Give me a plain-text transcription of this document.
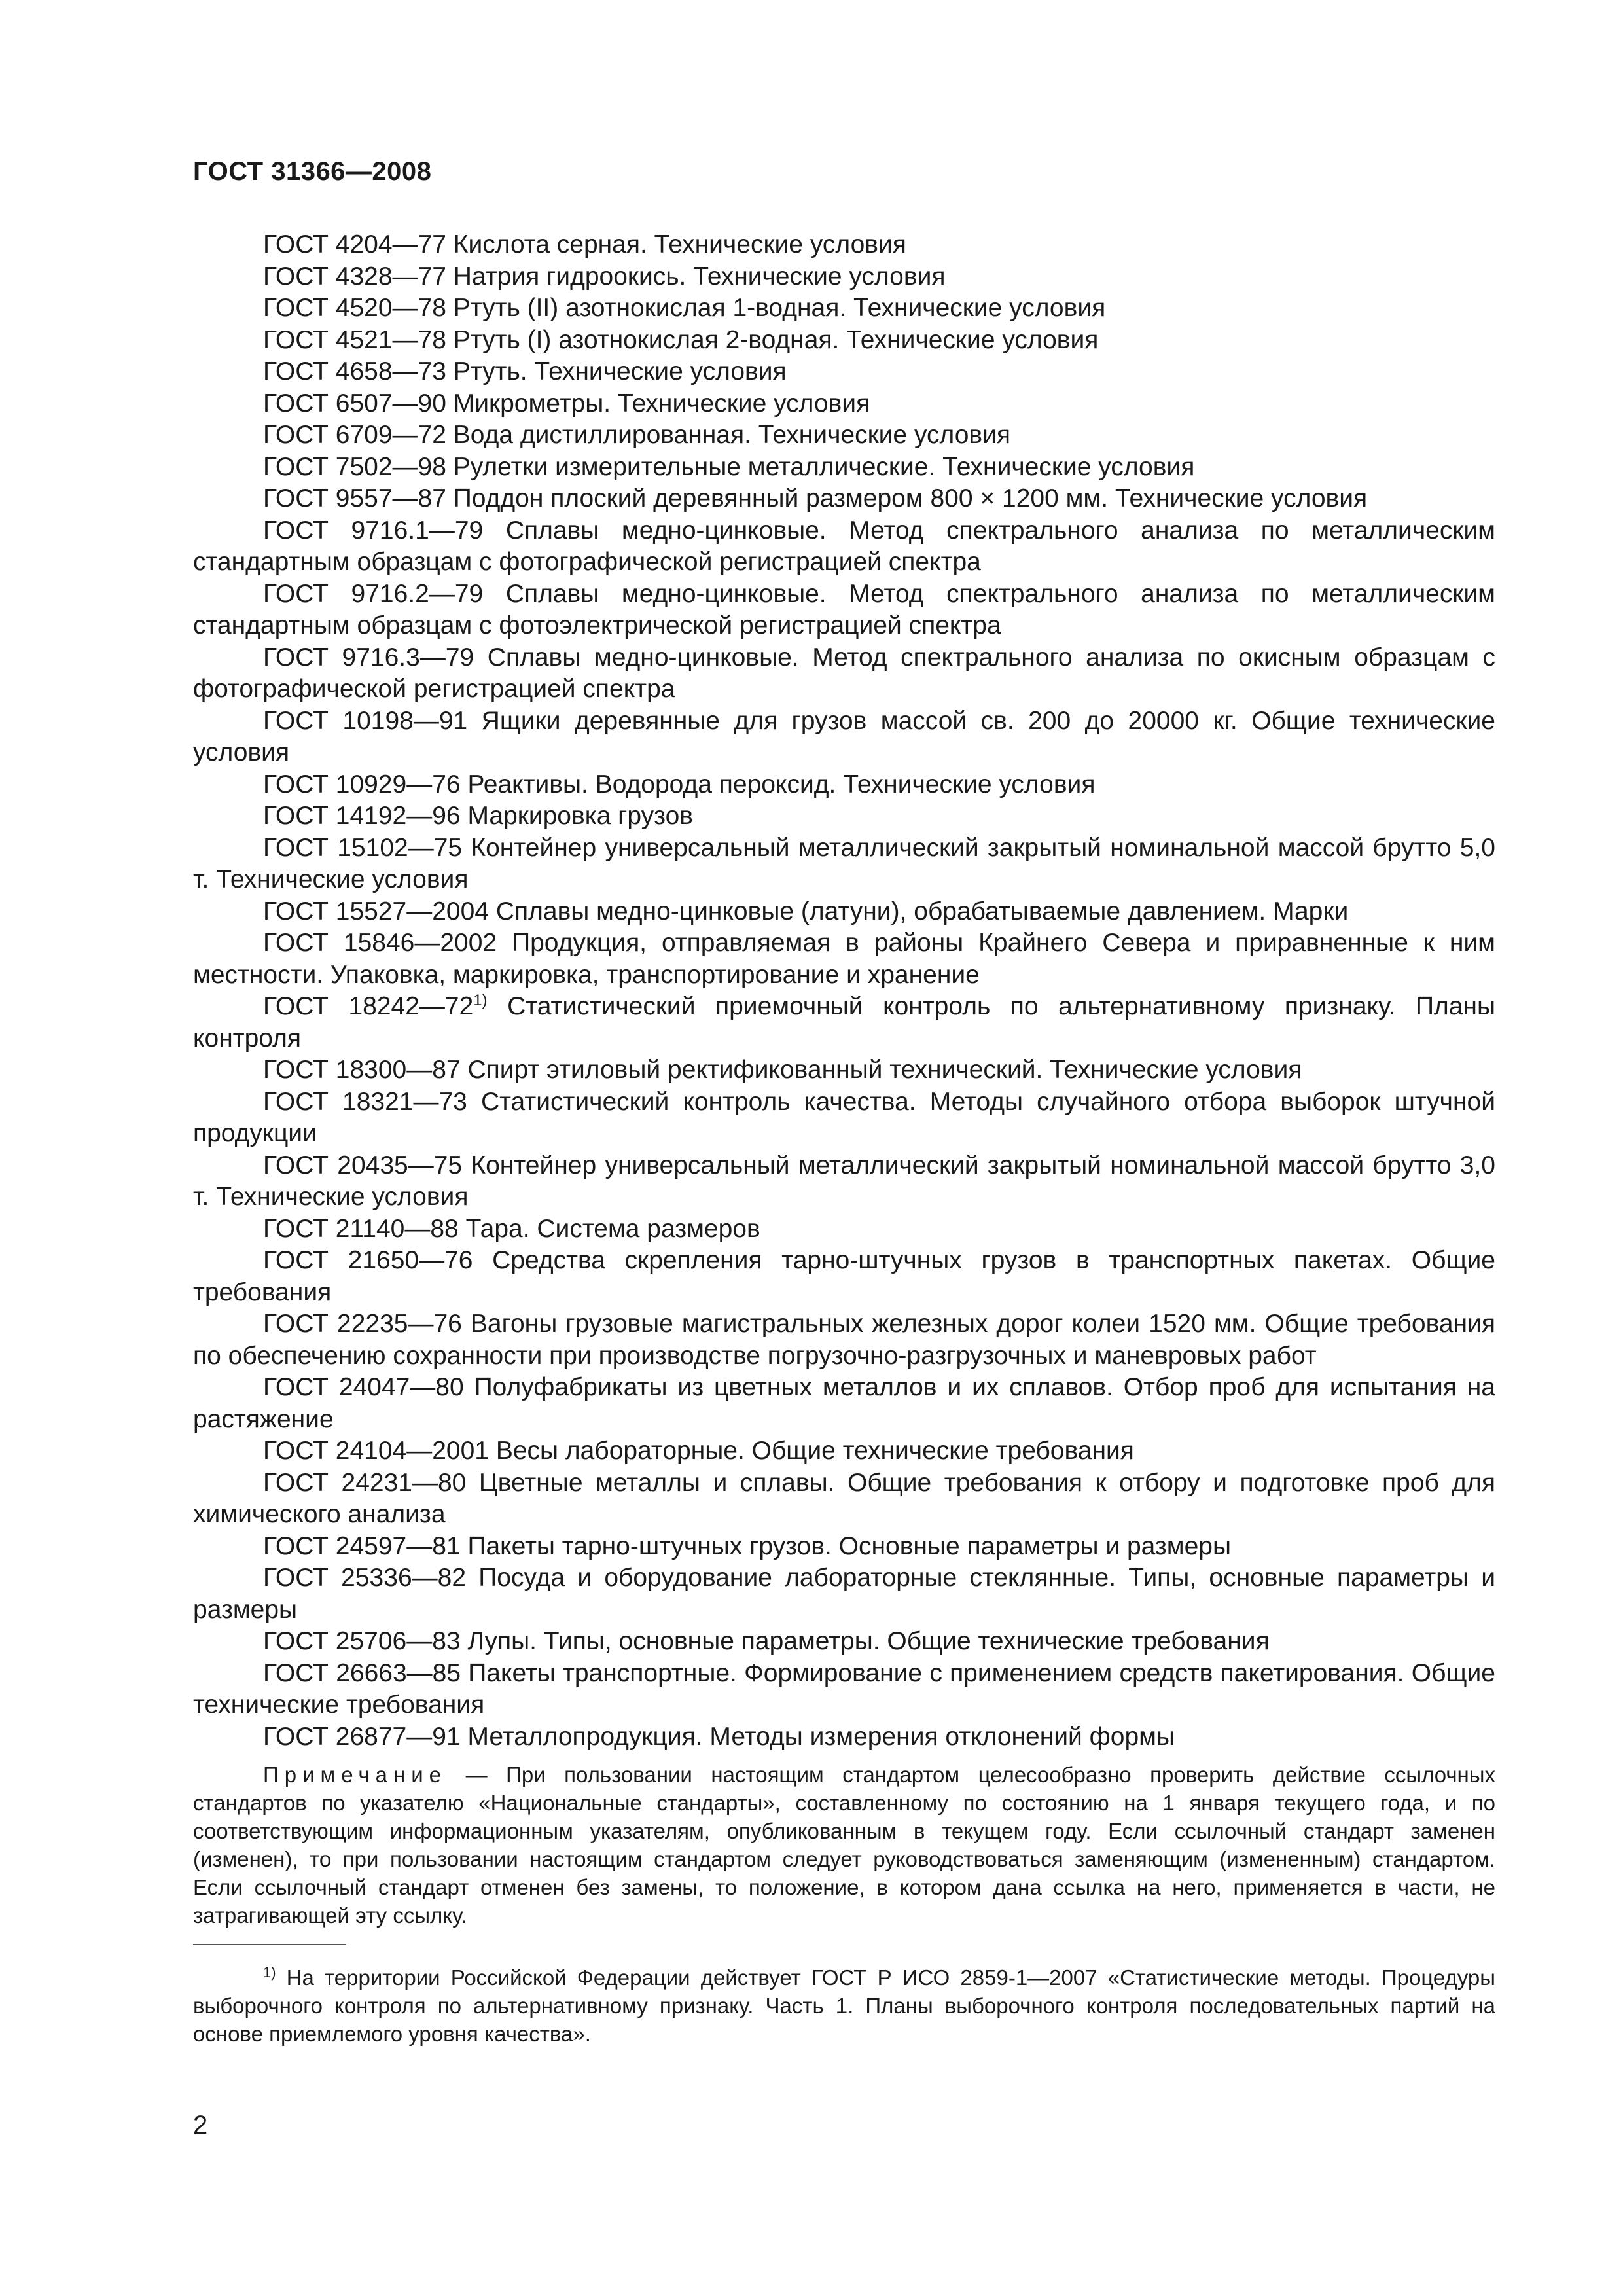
ГОСТ 31366—2008

ГОСТ 4204—77 Кислота серная. Технические условия

ГОСТ 4328—77 Натрия гидроокись. Технические условия

ГОСТ 4520—78 Ртуть (II) азотнокислая 1-водная. Технические условия

ГОСТ 4521—78 Ртуть (I) азотнокислая 2-водная. Технические условия

ГОСТ 4658—73 Ртуть. Технические условия

ГОСТ 6507—90 Микрометры. Технические условия

ГОСТ 6709—72 Вода дистиллированная. Технические условия

ГОСТ 7502—98 Рулетки измерительные металлические. Технические условия

ГОСТ 9557—87 Поддон плоский деревянный размером 800 × 1200 мм. Технические условия

ГОСТ 9716.1—79 Сплавы медно-цинковые. Метод спектрального анализа по металлическим стандартным образцам с фотографической регистрацией спектра

ГОСТ 9716.2—79 Сплавы медно-цинковые. Метод спектрального анализа по металлическим стандартным образцам с фотоэлектрической регистрацией спектра

ГОСТ 9716.3—79 Сплавы медно-цинковые. Метод спектрального анализа по окисным образцам с фотографической регистрацией спектра

ГОСТ 10198—91 Ящики деревянные для грузов массой св. 200 до 20000 кг. Общие технические условия

ГОСТ 10929—76 Реактивы. Водорода пероксид. Технические условия

ГОСТ 14192—96 Маркировка грузов

ГОСТ 15102—75 Контейнер универсальный металлический закрытый номинальной массой брутто 5,0 т. Технические условия

ГОСТ 15527—2004 Сплавы медно-цинковые (латуни), обрабатываемые давлением. Марки

ГОСТ 15846—2002 Продукция, отправляемая в районы Крайнего Севера и приравненные к ним местности. Упаковка, маркировка, транспортирование и хранение

ГОСТ 18242—72$^{1)}$ Статистический приемочный контроль по альтернативному признаку. Планы контроля

ГОСТ 18300—87 Спирт этиловый ректификованный технический. Технические условия

ГОСТ 18321—73 Статистический контроль качества. Методы случайного отбора выборок штучной продукции

ГОСТ 20435—75 Контейнер универсальный металлический закрытый номинальной массой брутто 3,0 т. Технические условия

ГОСТ 21140—88 Тара. Система размеров

ГОСТ 21650—76 Средства скрепления тарно-штучных грузов в транспортных пакетах. Общие требования

ГОСТ 22235—76 Вагоны грузовые магистральных железных дорог колеи 1520 мм. Общие требования по обеспечению сохранности при производстве погрузочно-разгрузочных и маневровых работ

ГОСТ 24047—80 Полуфабрикаты из цветных металлов и их сплавов. Отбор проб для испытания на растяжение

ГОСТ 24104—2001 Весы лабораторные. Общие технические требования

ГОСТ 24231—80 Цветные металлы и сплавы. Общие требования к отбору и подготовке проб для химического анализа

ГОСТ 24597—81 Пакеты тарно-штучных грузов. Основные параметры и размеры

ГОСТ 25336—82 Посуда и оборудование лабораторные стеклянные. Типы, основные параметры и размеры

ГОСТ 25706—83 Лупы. Типы, основные параметры. Общие технические требования

ГОСТ 26663—85 Пакеты транспортные. Формирование с применением средств пакетирования. Общие технические требования

ГОСТ 26877—91 Металлопродукция. Методы измерения отклонений формы

Примечание — При пользовании настоящим стандартом целесообразно проверить действие ссылочных стандартов по указателю «Национальные стандарты», составленному по состоянию на 1 января текущего года, и по соответствующим информационным указателям, опубликованным в текущем году. Если ссылочный стандарт заменен (изменен), то при пользовании настоящим стандартом следует руководствоваться заменяющим (измененным) стандартом. Если ссылочный стандарт отменен без замены, то положение, в котором дана ссылка на него, применяется в части, не затрагивающей эту ссылку.

$^{1)}$ На территории Российской Федерации действует ГОСТ Р ИСО 2859-1—2007 «Статистические методы. Процедуры выборочного контроля по альтернативному признаку. Часть 1. Планы выборочного контроля последовательных партий на основе приемлемого уровня качества».

2
